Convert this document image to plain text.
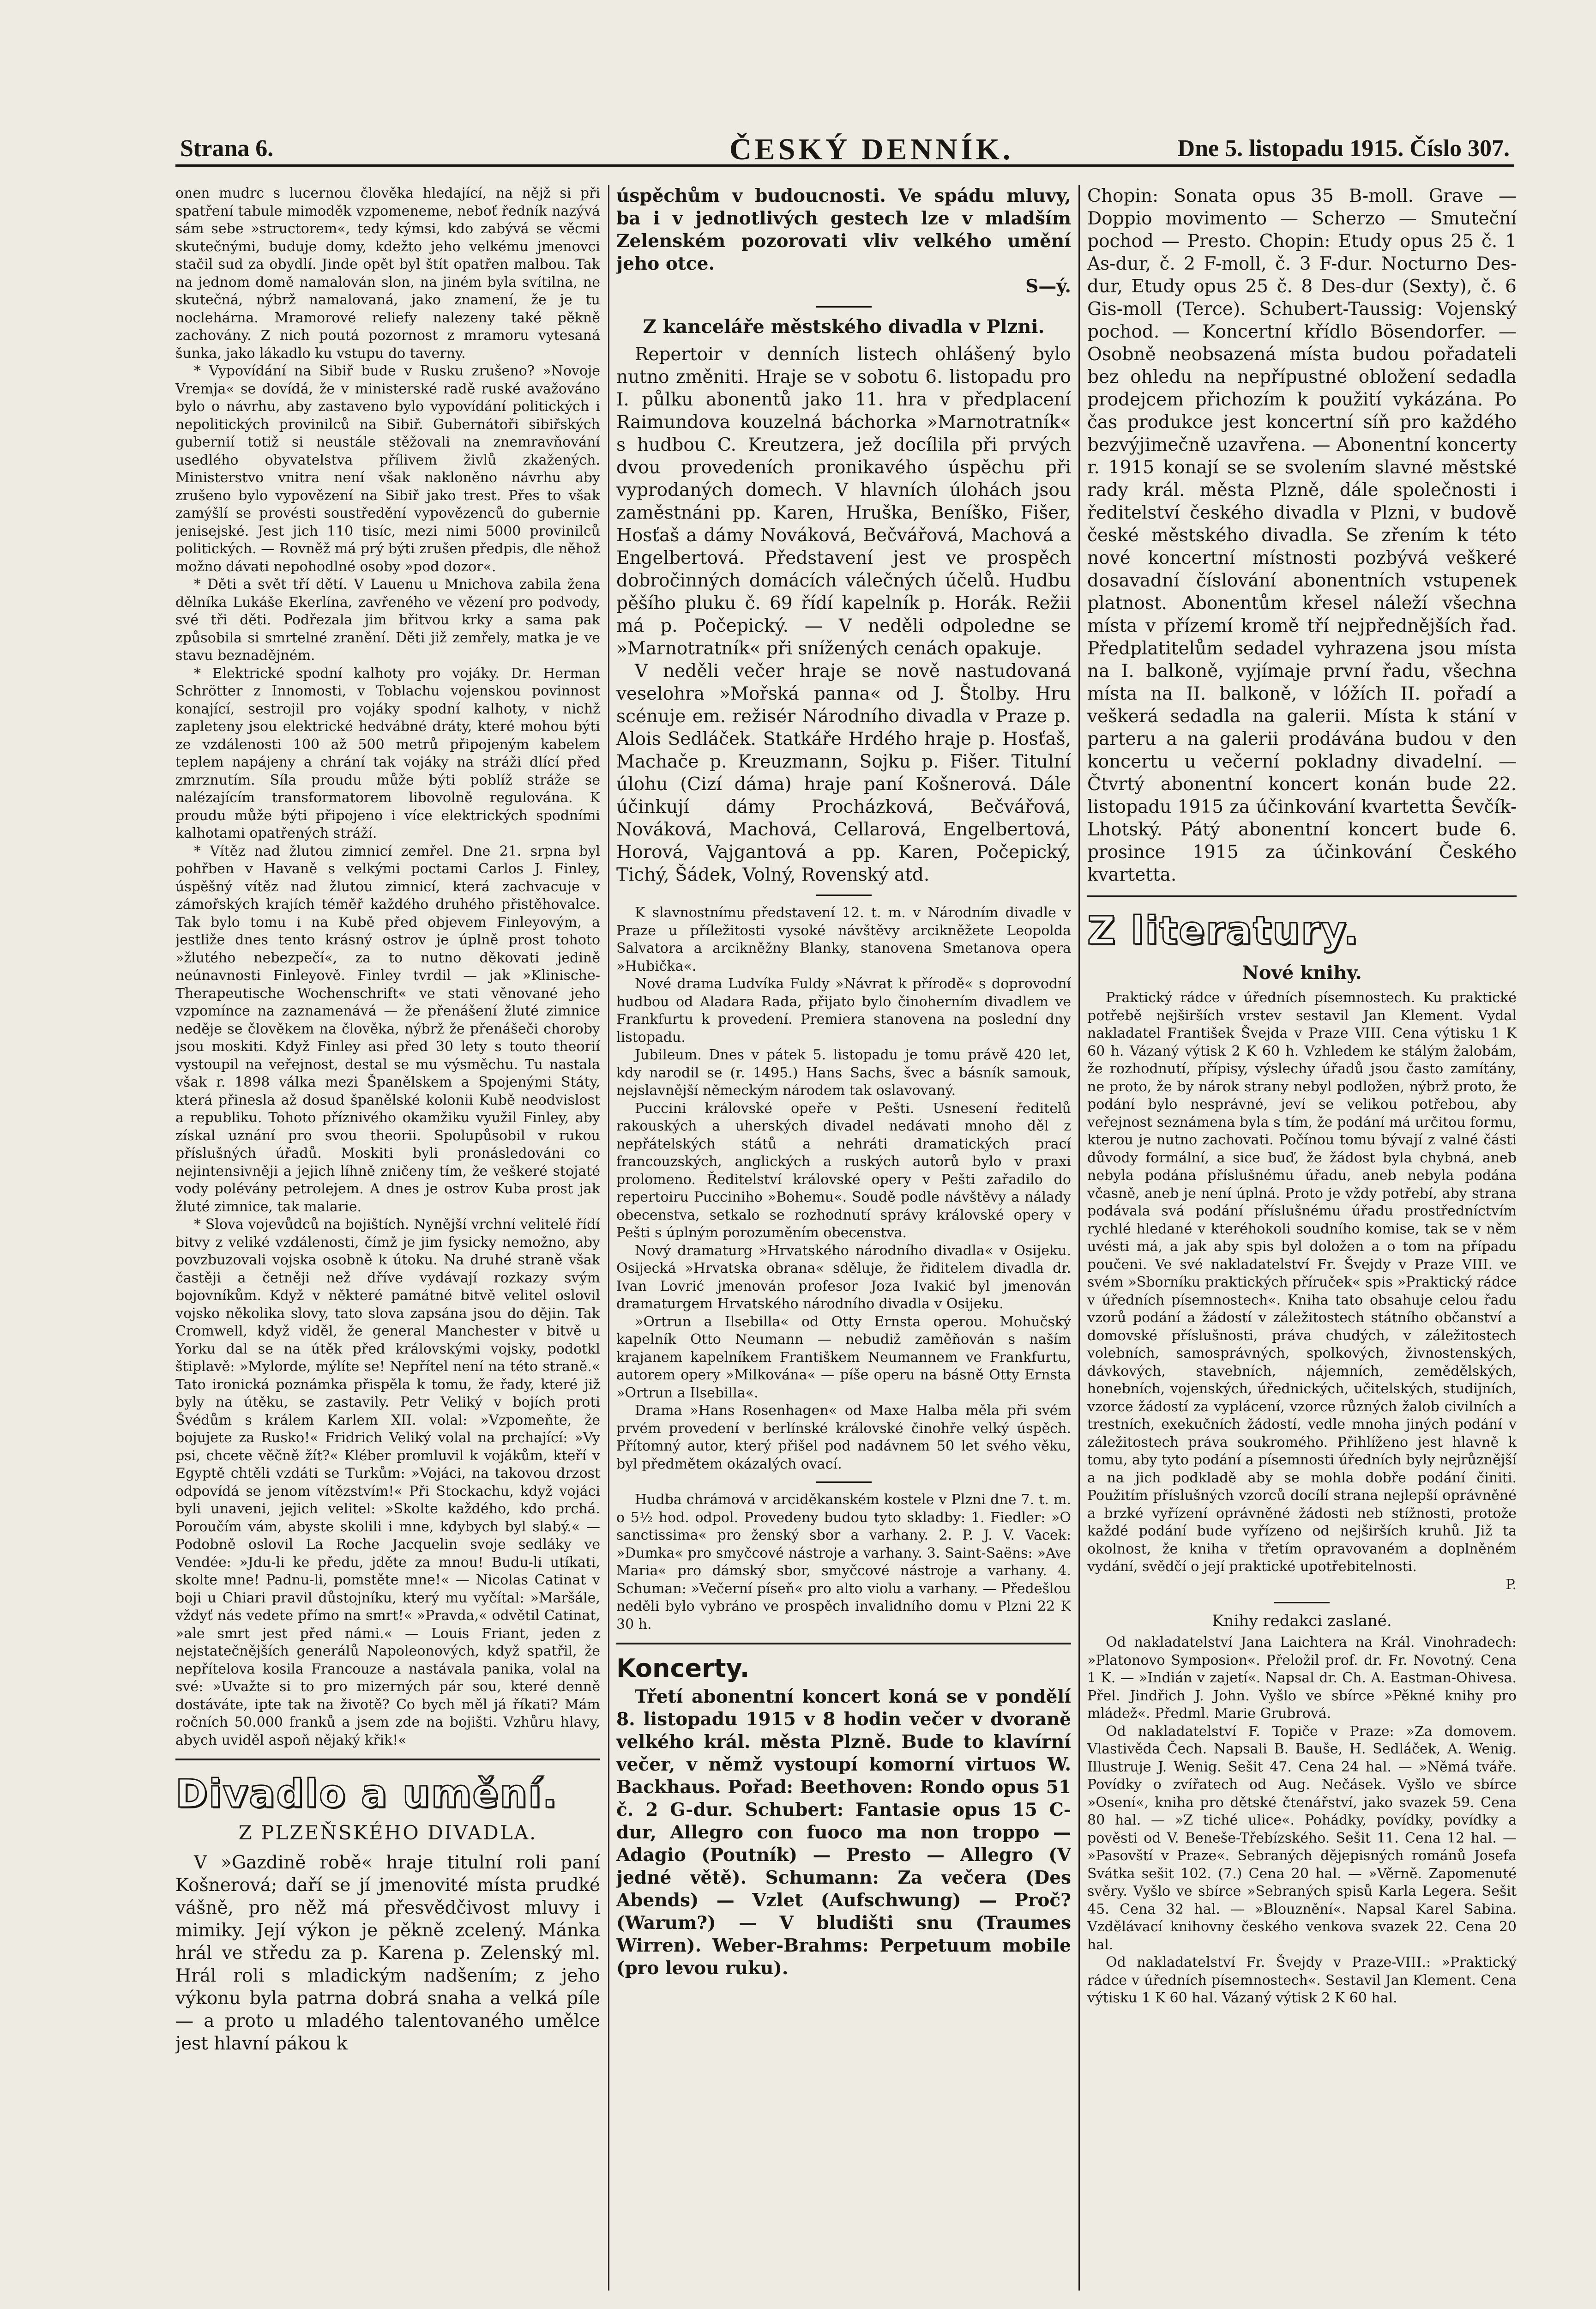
Strana 6.	ČESKÝ DENNÍK.	Dne 5. listopadu 1915. Číslo 307.

onen mudrc s lucernou člověka hledající, na nějž si při spatření tabule mimoděk vzpomeneme, neboť ředník nazývá sám sebe »structorem«, tedy kýmsi, kdo zabývá se věcmi skutečnými, buduje domy, kdežto jeho velkému jmenovci stačil sud za obydlí. Jinde opět byl štít opatřen malbou. Tak na jednom domě namalován slon, na jiném byla svítilna, ne skutečná, nýbrž namalovaná, jako znamení, že je tu noclehárna. Mramorové reliefy nalezeny také pěkně zachovány. Z nich poutá pozornost z mramoru vytesaná šunka, jako lákadlo ku vstupu do taverny.

* Vypovídání na Sibiř bude v Rusku zrušeno? »Novoje Vremja« se dovídá, že v ministerské radě ruské avažováno bylo o návrhu, aby zastaveno bylo vypovídání politických i nepolitických provinilců na Sibiř. Gubernátoři sibiřských gubernií totiž si neustále stěžovali na znemravňování usedlého obyvatelstva přílivem živlů zkažených. Ministerstvo vnitra není však nakloněno návrhu aby zrušeno bylo vypovězení na Sibiř jako trest. Přes to však zamýšlí se provésti soustředění vypovězenců do gubernie jenisejské. Jest jich 110 tisíc, mezi nimi 5000 provinilců politických. — Rovněž má prý býti zrušen předpis, dle něhož možno dávati nepohodlné osoby »pod dozor«.

* Děti a svět tří dětí. V Lauenu u Mnichova zabila žena dělníka Lukáše Ekerlína, zavřeného ve vězení pro podvody, své tři děti. Podřezala jim břitvou krky a sama pak způsobila si smrtelné zranění. Děti již zemřely, matka je ve stavu beznadějném.

* Elektrické spodní kalhoty pro vojáky. Dr. Herman Schrötter z Innomosti, v Toblachu vojenskou povinnost konající, sestrojil pro vojáky spodní kalhoty, v nichž zapleteny jsou elektrické hedvábné dráty, které mohou býti ze vzdálenosti 100 až 500 metrů připojeným kabelem teplem napájeny a chrání tak vojáky na stráži dlící před zmrznutím. Síla proudu může býti poblíž stráže se nalézajícím transformatorem libovolně regulována. K proudu může býti připojeno i více elektrických spodními kalhotami opatřených stráží.

* Vítěz nad žlutou zimnicí zemřel. Dne 21. srpna byl pohřben v Havaně s velkými poctami Carlos J. Finley, úspěšný vítěz nad žlutou zimnicí, která zachvacuje v zámořských krajích téměř každého druhého přistěhovalce. Tak bylo tomu i na Kubě před objevem Finleyovým, a jestliže dnes tento krásný ostrov je úplně prost tohoto »žlutého nebezpečí«, za to nutno děkovati jedině neúnavnosti Finleyově. Finley tvrdil — jak »Klinische-Therapeutische Wochenschrift« ve stati věnované jeho vzpomínce na zaznamenává — že přenášení žluté zimnice neděje se člověkem na člověka, nýbrž že přenášeči choroby jsou moskiti. Když Finley asi před 30 lety s touto theorií vystoupil na veřejnost, destal se mu výsměchu. Tu nastala však r. 1898 válka mezi Španělskem a Spojenými Státy, která přinesla až dosud španělské kolonii Kubě neodvislost a republiku. Tohoto příznivého okamžiku využil Finley, aby získal uznání pro svou theorii. Spolupůsobil v rukou příslušných úřadů. Moskiti byli pronásledováni co nejintensivněji a jejich líhně zničeny tím, že veškeré stojaté vody polévány petrolejem. A dnes je ostrov Kuba prost jak žluté zimnice, tak malarie.

* Slova vojevůdců na bojištích. Nynější vrchní velitelé řídí bitvy z veliké vzdálenosti, čímž je jim fysicky nemožno, aby povzbuzovali vojska osobně k útoku. Na druhé straně však častěji a četněji než dříve vydávají rozkazy svým bojovníkům. Když v některé památné bitvě velitel oslovil vojsko několika slovy, tato slova zapsána jsou do dějin. Tak Cromwell, když viděl, že general Manchester v bitvě u Yorku dal se na útěk před královskými vojsky, podotkl štiplavě: »Mylorde, mýlíte se! Nepřítel není na této straně.« Tato ironická poznámka přispěla k tomu, že řady, které již byly na útěku, se zastavily. Petr Veliký v bojích proti Švédům s králem Karlem XII. volal: »Vzpomeňte, že bojujete za Rusko!« Fridrich Veliký volal na prchající: »Vy psi, chcete věčně žít?« Kléber promluvil k vojákům, kteří v Egyptě chtěli vzdáti se Turkům: »Vojáci, na takovou drzost odpovídá se jenom vítězstvím!« Při Stockachu, když vojáci byli unaveni, jejich velitel: »Skolte každého, kdo prchá. Poroučím vám, abyste skolili i mne, kdybych byl slabý.« — Podobně oslovil La Roche Jacquelin svoje sedláky ve Vendée: »Jdu-li ke předu, jděte za mnou! Budu-li utíkati, skolte mne! Padnu-li, pomstěte mne!« — Nicolas Catinat v boji u Chiari pravil důstojníku, který mu vyčítal: »Maršále, vždyť nás vedete přímo na smrt!« »Pravda,« odvětil Catinat, »ale smrt jest před námi.« — Louis Friant, jeden z nejstatečnějších generálů Napoleonových, když spatřil, že nepřítelova kosila Francouze a nastávala panika, volal na své: »Uvažte si to pro mizerných pár sou, které denně dostáváte, ipte tak na životě? Co bych měl já říkati? Mám ročních 50.000 franků a jsem zde na bojišti. Vzhůru hlavy, abych uviděl aspoň nějaký křik!«

Divadlo a umění.
Z PLZEŇSKÉHO DIVADLA.

V »Gazdině robě« hraje titulní roli paní Košnerová; daří se jí jmenovité místa prudké vášně, pro něž má přesvědčivost mluvy i mimiky. Její výkon je pěkně zcelený. Mánka hrál ve středu za p. Karena p. Zelenský ml. Hrál roli s mladickým nadšením; z jeho výkonu byla patrna dobrá snaha a velká píle — a proto u mladého talentovaného umělce jest hlavní pákou k

úspěchům v budoucnosti. Ve spádu mluvy, ba i v jednotlivých gestech lze v mladším Zelenském pozorovati vliv velkého umění jeho otce.

S—ý.

Z kanceláře městského divadla v Plzni.

Repertoir v denních listech ohlášený bylo nutno změniti. Hraje se v sobotu 6. listopadu pro I. půlku abonentů jako 11. hra v předplacení Raimundova kouzelná báchorka »Marnotratník« s hudbou C. Kreutzera, jež docílila při prvých dvou provedeních pronikavého úspěchu při vyprodaných domech. V hlavních úlohách jsou zaměstnáni pp. Karen, Hruška, Beníško, Fišer, Hosťaš a dámy Nováková, Bečvářová, Machová a Engelbertová. Představení jest ve prospěch dobročinných domácích válečných účelů. Hudbu pěšího pluku č. 69 řídí kapelník p. Horák. Režii má p. Počepický. — V neděli odpoledne se »Marnotratník« při snížených cenách opakuje.

V neděli večer hraje se nově nastudovaná veselohra »Mořská panna« od J. Štolby. Hru scénuje em. režisér Národního divadla v Praze p. Alois Sedláček. Statkáře Hrdého hraje p. Hosťaš, Machače p. Kreuzmann, Sojku p. Fišer. Titulní úlohu (Cizí dáma) hraje paní Košnerová. Dále účinkují dámy Procházková, Bečvářová, Nováková, Machová, Cellarová, Engelbertová, Horová, Vajgantová a pp. Karen, Počepický, Tichý, Šádek, Volný, Rovenský atd.

K slavnostnímu představení 12. t. m. v Národním divadle v Praze u příležitosti vysoké návštěvy arcikněžete Leopolda Salvatora a arcikněžny Blanky, stanovena Smetanova opera »Hubička«.

Nové drama Ludvíka Fuldy »Návrat k přírodě« s doprovodní hudbou od Aladara Rada, přijato bylo činoherním divadlem ve Frankfurtu k provedení. Premiera stanovena na poslední dny listopadu.

Jubileum. Dnes v pátek 5. listopadu je tomu právě 420 let, kdy narodil se (r. 1495.) Hans Sachs, švec a básník samouk, nejslavnější německým národem tak oslavovaný.

Puccini královské opeře v Pešti. Usnesení ředitelů rakouských a uherských divadel nedávati mnoho děl z nepřátelských států a nehráti dramatických prací francouzských, anglických a ruských autorů bylo v praxi prolomeno. Ředitelství královské opery v Pešti zařadilo do repertoiru Pucciniho »Bohemu«. Soudě podle návštěvy a nálady obecenstva, setkalo se rozhodnutí správy královské opery v Pešti s úplným porozuměním obecenstva.

Nový dramaturg »Hrvatského národního divadla« v Osijeku. Osijecká »Hrvatska obrana« sděluje, že řiditelem divadla dr. Ivan Lovrić jmenován profesor Joza Ivakić byl jmenován dramaturgem Hrvatského národního divadla v Osijeku.

»Ortrun a Ilsebilla« od Otty Ernsta operou. Mohučský kapelník Otto Neumann — nebudiž zaměňován s naším krajanem kapelníkem Františkem Neumannem ve Frankfurtu, autorem opery »Milkována« — píše operu na básně Otty Ernsta »Ortrun a Ilsebilla«.

Drama »Hans Rosenhagen« od Maxe Halba měla při svém prvém provedení v berlínské královské činohře velký úspěch. Přítomný autor, který přišel pod nadávnem 50 let svého věku, byl předmětem okázalých ovací.

Hudba chrámová v arciděkanském kostele v Plzni dne 7. t. m. o 5½ hod. odpol. Provedeny budou tyto skladby: 1. Fiedler: »O sanctissima« pro ženský sbor a varhany. 2. P. J. V. Vacek: »Dumka« pro smyčcové nástroje a varhany. 3. Saint-Saëns: »Ave Maria« pro dámský sbor, smyčcové nástroje a varhany. 4. Schuman: »Večerní píseň« pro alto violu a varhany. — Předešlou neděli bylo vybráno ve prospěch invalidního domu v Plzni 22 K 30 h.

Koncerty.

Třetí abonentní koncert koná se v pondělí 8. listopadu 1915 v 8 hodin večer v dvoraně velkého král. města Plzně. Bude to klavírní večer, v němž vystoupí komorní virtuos W. Backhaus. Pořad: Beethoven: Rondo opus 51 č. 2 G-dur. Schubert: Fantasie opus 15 C-dur, Allegro con fuoco ma non troppo — Adagio (Poutník) — Presto — Allegro (V jedné větě). Schumann: Za večera (Des Abends) — Vzlet (Aufschwung) — Proč? (Warum?) — V bludišti snu (Traumes Wirren). Weber-Brahms: Perpetuum mobile (pro levou ruku).

Chopin: Sonata opus 35 B-moll. Grave — Doppio movimento — Scherzo — Smuteční pochod — Presto. Chopin: Etudy opus 25 č. 1 As-dur, č. 2 F-moll, č. 3 F-dur. Nocturno Des-dur, Etudy opus 25 č. 8 Des-dur (Sexty), č. 6 Gis-moll (Terce). Schubert-Taussig: Vojenský pochod. — Koncertní křídlo Bösendorfer. — Osobně neobsazená místa budou pořadateli bez ohledu na nepřípustné obložení sedadla prodejcem přichozím k použití vykázána. Po čas produkce jest koncertní síň pro každého bezvýjimečně uzavřena. — Abonentní koncerty r. 1915 konají se se svolením slavné městské rady král. města Plzně, dále společnosti i ředitelství českého divadla v Plzni, v budově české městského divadla. Se zřením k této nové koncertní místnosti pozbývá veškeré dosavadní číslování abonentních vstupenek platnost. Abonentům křesel náleží všechna místa v přízemí kromě tří nejpřednějších řad. Předplatitelům sedadel vyhrazena jsou místa na I. balkoně, vyjímaje první řadu, všechna místa na II. balkoně, v lóžích II. pořadí a veškerá sedadla na galerii. Místa k stání v parteru a na galerii prodávána budou v den koncertu u večerní pokladny divadelní. — Čtvrtý abonentní koncert konán bude 22. listopadu 1915 za účinkování kvartetta Ševčík-Lhotský. Pátý abonentní koncert bude 6. prosince 1915 za účinkování Českého kvartetta.

Z literatury.
Nové knihy.

Praktický rádce v úředních písemnostech. Ku praktické potřebě nejširších vrstev sestavil Jan Klement. Vydal nakladatel František Švejda v Praze VIII. Cena výtisku 1 K 60 h. Vázaný výtisk 2 K 60 h. Vzhledem ke stálým žalobám, že rozhodnutí, přípisy, výslechy úřadů jsou často zamítány, ne proto, že by nárok strany nebyl podložen, nýbrž proto, že podání bylo nesprávné, jeví se velikou potřebou, aby veřejnost seznámena byla s tím, že podání má určitou formu, kterou je nutno zachovati. Počínou tomu bývají z valné části důvody formální, a sice buď, že žádost byla chybná, aneb nebyla podána příslušnému úřadu, aneb nebyla podána včasně, aneb je není úplná. Proto je vždy potřebí, aby strana podávala svá podání příslušnému úřadu prostředníctvím rychlé hledané v kteréhokoli soudního komise, tak se v něm uvésti má, a jak aby spis byl doložen a o tom na případu poučeni. Ve své nakladatelství Fr. Švejdy v Praze VIII. ve svém »Sborníku praktických příruček« spis »Praktický rádce v úředních písemnostech«. Kniha tato obsahuje celou řadu vzorů podání a žádostí v záležitostech státního občanství a domovské příslušnosti, práva chudých, v záležitostech volebních, samosprávných, spolkových, živnostenských, dávkových, stavebních, nájemních, zemědělských, honebních, vojenských, úřednických, učitelských, studijních, vzorce žádostí za vyplácení, vzorce různých žalob civilních a trestních, exekučních žádostí, vedle mnoha jiných podání v záležitostech práva soukromého. Přihlíženo jest hlavně k tomu, aby tyto podání a písemnosti úředních byly nejrůznější a na jich podkladě aby se mohla dobře podání činiti. Použitím příslušných vzorců docílí strana nejlepší oprávněné a brzké vyřízení oprávněné žádosti neb stížnosti, protože každé podání bude vyřízeno od nejširších kruhů. Již ta okolnost, že kniha v třetím opravovaném a doplněném vydání, svědčí o její praktické upotřebitelnosti.

P.

Knihy redakci zaslané.

Od nakladatelství Jana Laichtera na Král. Vinohradech: »Platonovo Symposion«. Přeložil prof. dr. Fr. Novotný. Cena 1 K. — »Indián v zajetí«. Napsal dr. Ch. A. Eastman-Ohivesa. Přel. Jindřich J. John. Vyšlo ve sbírce »Pěkné knihy pro mládež«. Předml. Marie Grubrová.

Od nakladatelství F. Topiče v Praze: »Za domovem. Vlastivěda Čech. Napsali B. Bauše, H. Sedláček, A. Wenig. Illustruje J. Wenig. Sešit 47. Cena 24 hal. — »Němá tváře. Povídky o zvířatech od Aug. Nečásek. Vyšlo ve sbírce »Osení«, kniha pro dětské čtenářství, jako svazek 59. Cena 80 hal. — »Z tiché ulice«. Pohádky, povídky, povídky a pověsti od V. Beneše-Třebízského. Sešit 11. Cena 12 hal. — »Pasovští v Praze«. Sebraných dějepisných románů Josefa Svátka sešit 102. (7.) Cena 20 hal. — »Věrně. Zapomenuté svěry. Vyšlo ve sbírce »Sebraných spisů Karla Legera. Sešit 45. Cena 32 hal. — »Blouznění«. Napsal Karel Sabina. Vzdělávací knihovny českého venkova svazek 22. Cena 20 hal.

Od nakladatelství Fr. Švejdy v Praze-VIII.: »Praktický rádce v úředních písemnostech«. Sestavil Jan Klement. Cena výtisku 1 K 60 hal. Vázaný výtisk 2 K 60 hal.
